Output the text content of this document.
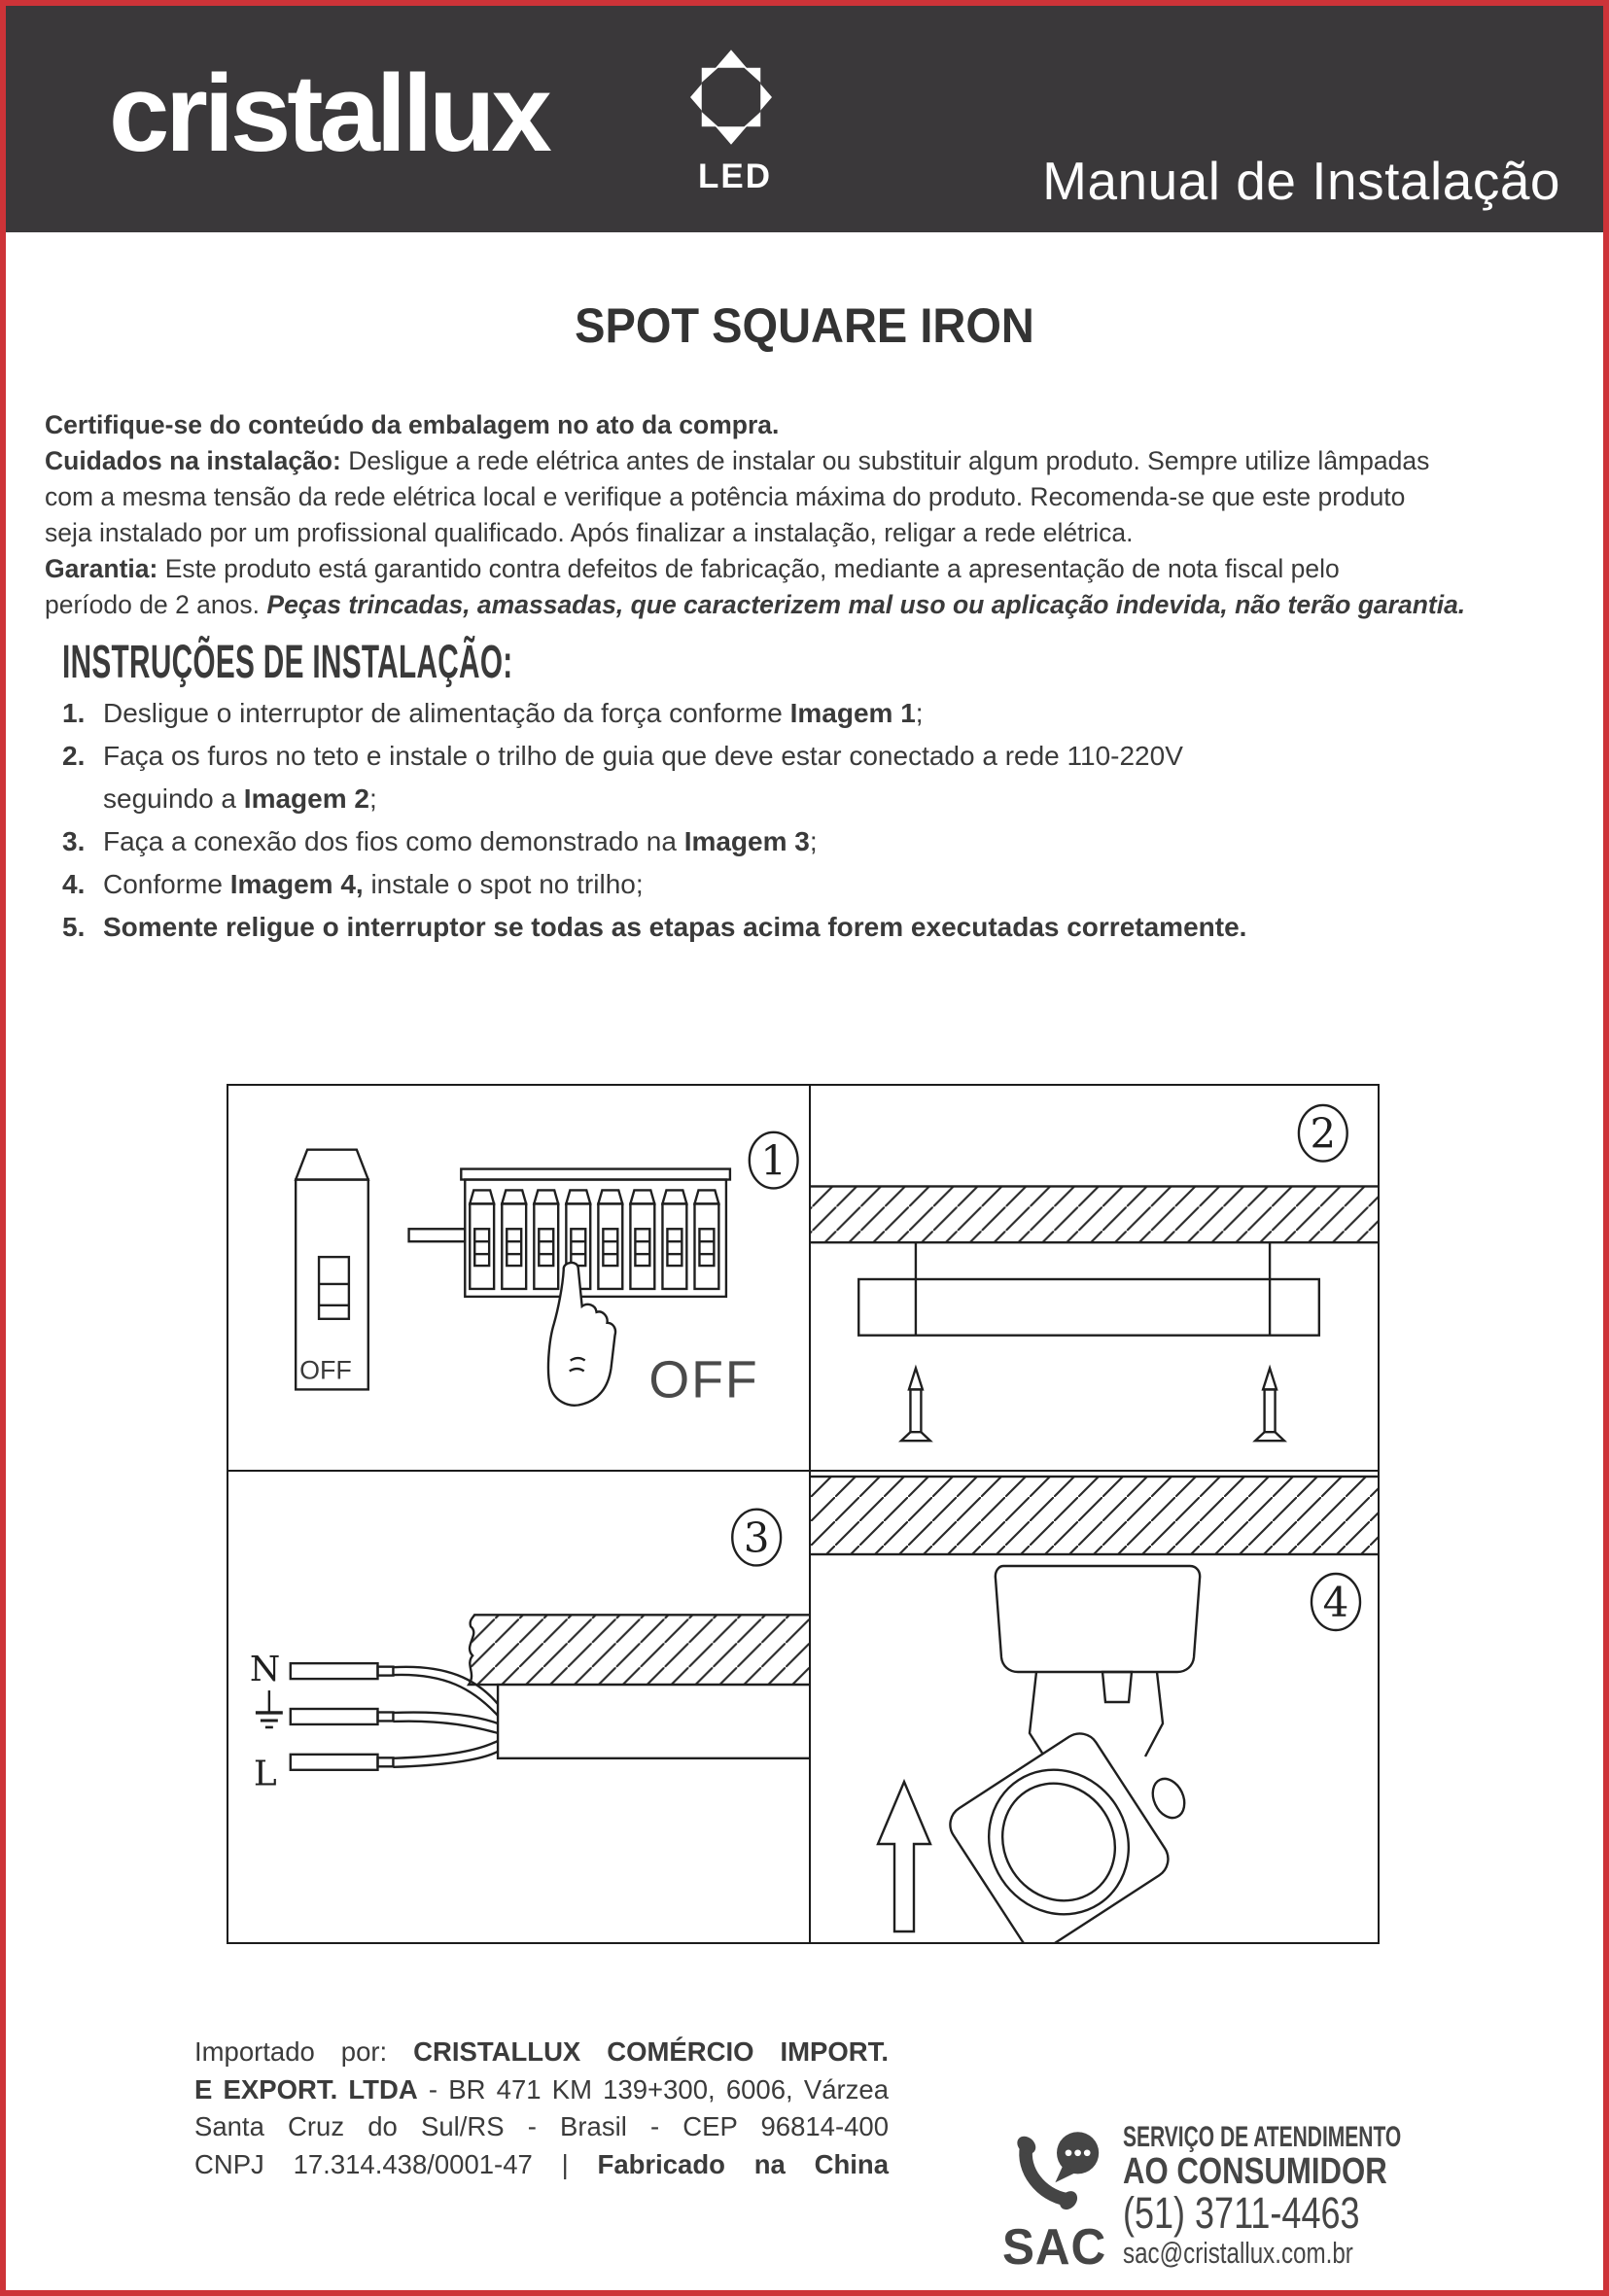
cristallux
LED	Manual de Instalação
SPOT SQUARE IRON
Certifique-se do conteúdo da embalagem no ato da compra.
Cuidados na instalação: Desligue a rede elétrica antes de instalar ou substituir algum produto. Sempre utilize lâmpadas
com a mesma tensão da rede elétrica local e verifique a potência máxima do produto. Recomenda-se que este produto
seja instalado por um profissional qualificado. Após finalizar a instalação, religar a rede elétrica.
Garantia: Este produto está garantido contra defeitos de fabricação, mediante a apresentação de nota fiscal pelo
período de 2 anos. Peças trincadas, amassadas, que caracterizem mal uso ou aplicação indevida, não terão garantia.
INSTRUÇÕES DE INSTALAÇÃO:
1. Desligue o interruptor de alimentação da força conforme Imagem 1;
2. Faça os furos no teto e instale o trilho de guia que deve estar conectado a rede 110-220V
seguindo a Imagem 2;
3. Faça a conexão dos fios como demonstrado na Imagem 3;
4. Conforme Imagem 4, instale o spot no trilho;
5. Somente religue o interruptor se todas as etapas acima forem executadas corretamente.
1
OFF	OFF
2
3
N
L
4
Importado por: CRISTALLUX COMÉRCIO IMPORT.
E EXPORT. LTDA - BR 471 KM 139+300, 6006, Várzea
Santa Cruz do Sul/RS - Brasil - CEP 96814-400
CNPJ 17.314.438/0001-47 | Fabricado na China
SAC
SERVIÇO DE ATENDIMENTO
AO CONSUMIDOR
(51) 3711-4463
sac@cristallux.com.br
